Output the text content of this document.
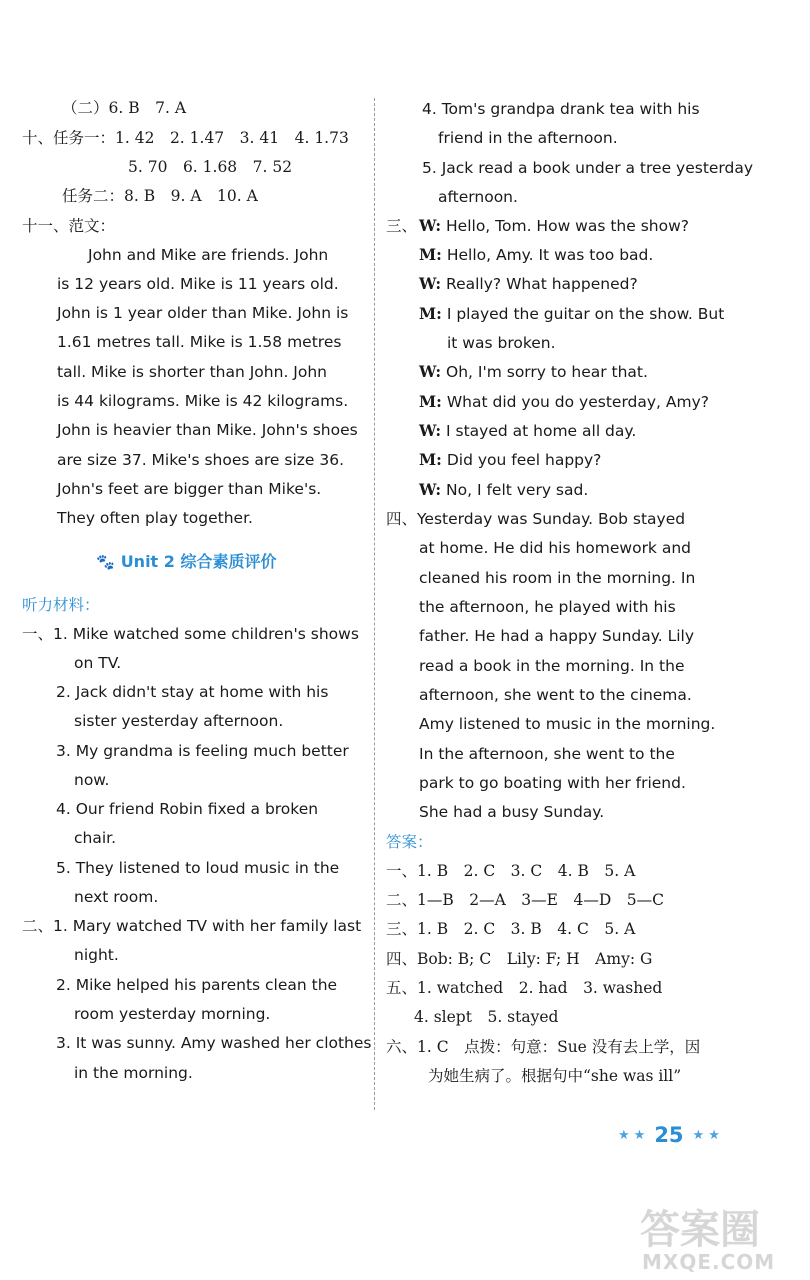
（二）6. B　7. A
十、任务一：1. 42　2. 1.47　3. 41　4. 1.73
5. 70　6. 1.68　7. 52
任务二：8. B　9. A　10. A
十一、范文：
John and Mike are friends. John
is 12 years old. Mike is 11 years old.
John is 1 year older than Mike. John is
1.61 metres tall. Mike is 1.58 metres
tall. Mike is shorter than John. John
is 44 kilograms. Mike is 42 kilograms.
John is heavier than Mike. John's shoes
are size 37. Mike's shoes are size 36.
John's feet are bigger than Mike's.
They often play together.
🐾 Unit 2 综合素质评价
听力材料：
一、1. Mike watched some children's shows
on TV.
2. Jack didn't stay at home with his
sister yesterday afternoon.
3. My grandma is feeling much better
now.
4. Our friend Robin fixed a broken
chair.
5. They listened to loud music in the
next room.
二、1. Mary watched TV with her family last
night.
2. Mike helped his parents clean the
room yesterday morning.
3. It was sunny. Amy washed her clothes
in the morning.
4. Tom's grandpa drank tea with his
friend in the afternoon.
5. Jack read a book under a tree yesterday
afternoon.
三、 W: Hello, Tom. How was the show?
M: Hello, Amy. It was too bad.
W: Really? What happened?
M: I played the guitar on the show. But
it was broken.
W: Oh, I'm sorry to hear that.
M: What did you do yesterday, Amy?
W: I stayed at home all day.
M: Did you feel happy?
W: No, I felt very sad.
四、Yesterday was Sunday. Bob stayed
at home. He did his homework and
cleaned his room in the morning. In
the afternoon, he played with his
father. He had a happy Sunday. Lily
read a book in the morning. In the
afternoon, she went to the cinema.
Amy listened to music in the morning.
In the afternoon, she went to the
park to go boating with her friend.
She had a busy Sunday.
答案：
一、1. B　2. C　3. C　4. B　5. A
二、1—B　2—A　3—E　4—D　5—C
三、1. B　2. C　3. B　4. C　5. A
四、Bob: B; C　Lily: F; H　Amy: G
五、1. watched　2. had　3. washed
4. slept　5. stayed
六、1. C　点拨：句意：Sue 没有去上学，因
为她生病了。根据句中“she was ill”
★ ★ 25 ★ ★
答案圈
MXQE.COM
